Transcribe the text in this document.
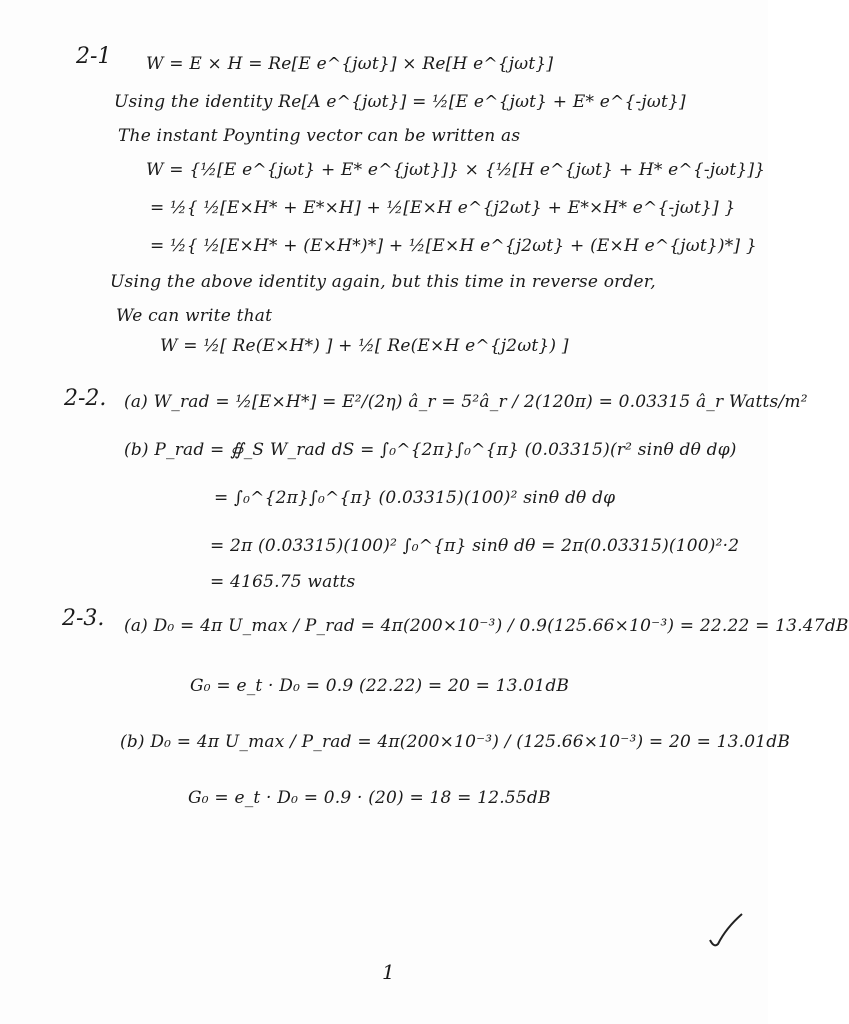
2-1 W = E × H = Re[E e^{jωt}] × Re[H e^{jωt}]
Using the identity Re[A e^{jωt}] = ½[E e^{jωt} + E* e^{-jωt}]
The instant Poynting vector can be written as
W = {½[E e^{jωt} + E* e^{jωt}]} × {½[H e^{jωt} + H* e^{-jωt}]}
= ½{ ½[E×H* + E*×H] + ½[E×H e^{j2ωt} + E*×H* e^{-jωt}] }
= ½{ ½[E×H* + (E×H*)*] + ½[E×H e^{j2ωt} + (E×H e^{jωt})*] }
Using the above identity again, but this time in reverse order,
We can write that
W = ½[ Re(E×H*) ] + ½[ Re(E×H e^{j2ωt}) ]
2-2. (a) W_rad = ½[E×H*] = E²/(2η) â_r = 5²â_r / 2(120π) = 0.03315 â_r Watts/m²
(b) P_rad = ∯_S W_rad dS = ∫₀^{2π}∫₀^{π} (0.03315)(r² sinθ dθ dφ)
= ∫₀^{2π}∫₀^{π} (0.03315)(100)² sinθ dθ dφ
= 2π (0.03315)(100)² ∫₀^{π} sinθ dθ = 2π(0.03315)(100)²·2
= 4165.75 watts
2-3. (a) D₀ = 4π U_max / P_rad = 4π(200×10⁻³) / 0.9(125.66×10⁻³) = 22.22 = 13.47dB
G₀ = e_t · D₀ = 0.9 (22.22) = 20 = 13.01dB
(b) D₀ = 4π U_max / P_rad = 4π(200×10⁻³) / (125.66×10⁻³) = 20 = 13.01dB
G₀ = e_t · D₀ = 0.9 · (20) = 18 = 12.55dB
1
